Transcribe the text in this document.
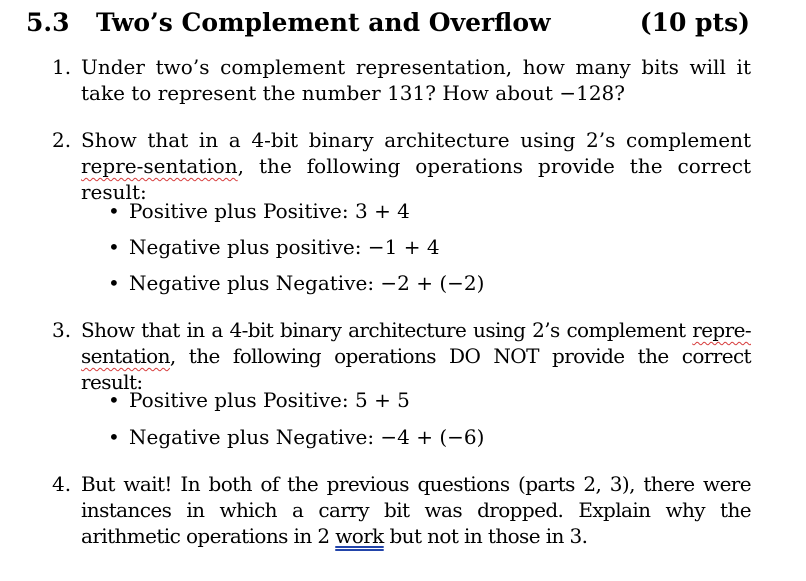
5.3 Two’s Complement and Overflow	(10 pts)
1. Under two’s complement representation, how many bits will it take to represent the number 131? How about −128?
2. Show that in a 4-bit binary architecture using 2’s complement repre-sentation, the following operations provide the correct result:
• Positive plus Positive: 3 + 4
• Negative plus positive: −1 + 4
• Negative plus Negative: −2 + (−2)
3. Show that in a 4-bit binary architecture using 2’s complement repre-sentation, the following operations DO NOT provide the correct result:
• Positive plus Positive: 5 + 5
• Negative plus Negative: −4 + (−6)
4. But wait! In both of the previous questions (parts 2, 3), there were instances in which a carry bit was dropped. Explain why the arithmetic operations in 2 work but not in those in 3.
